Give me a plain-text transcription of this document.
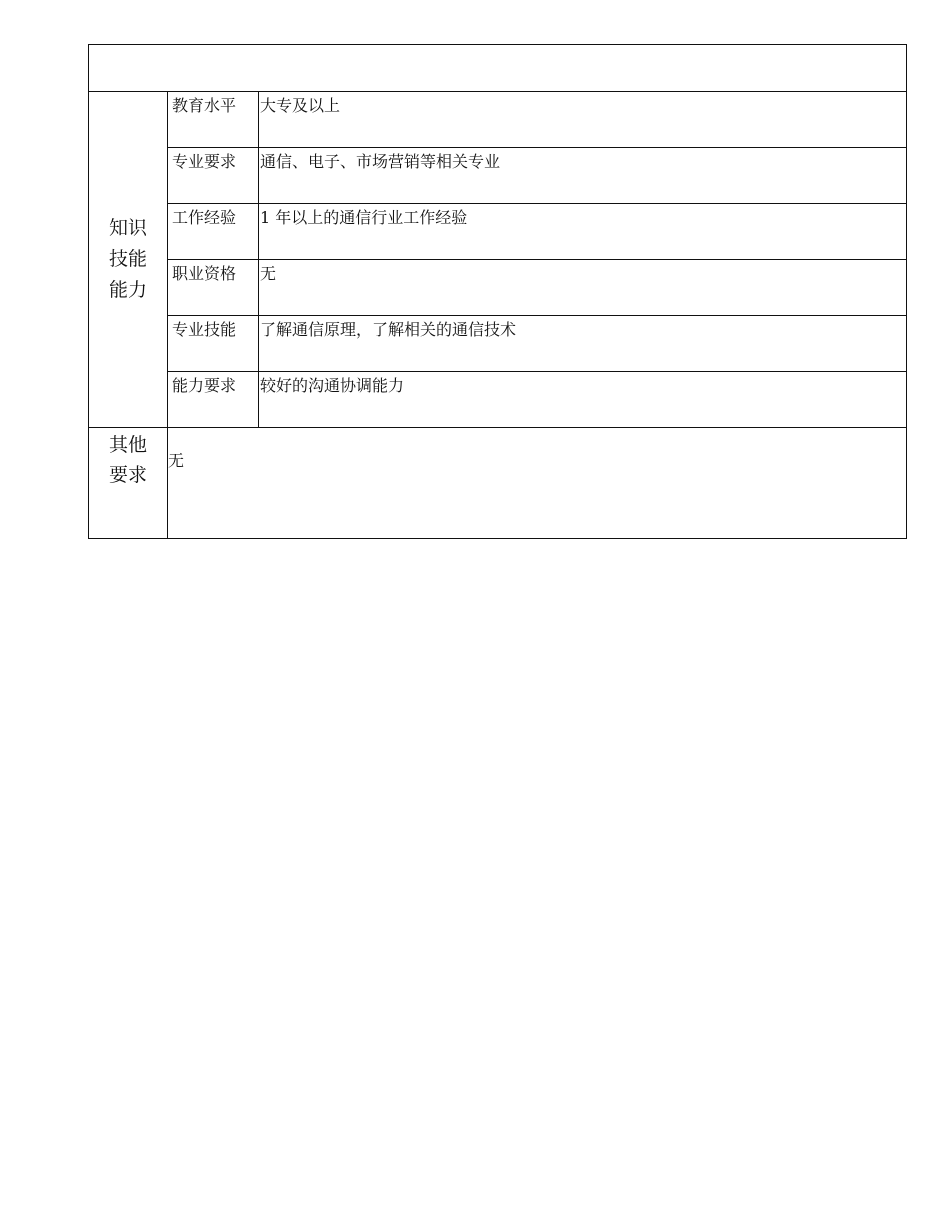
知识技能能力	教育水平	大专及以上
	专业要求	通信、电子、市场营销等相关专业
	工作经验	1 年以上的通信行业工作经验
	职业资格	无
	专业技能	了解通信原理，了解相关的通信技术
	能力要求	较好的沟通协调能力
其他要求	无	
